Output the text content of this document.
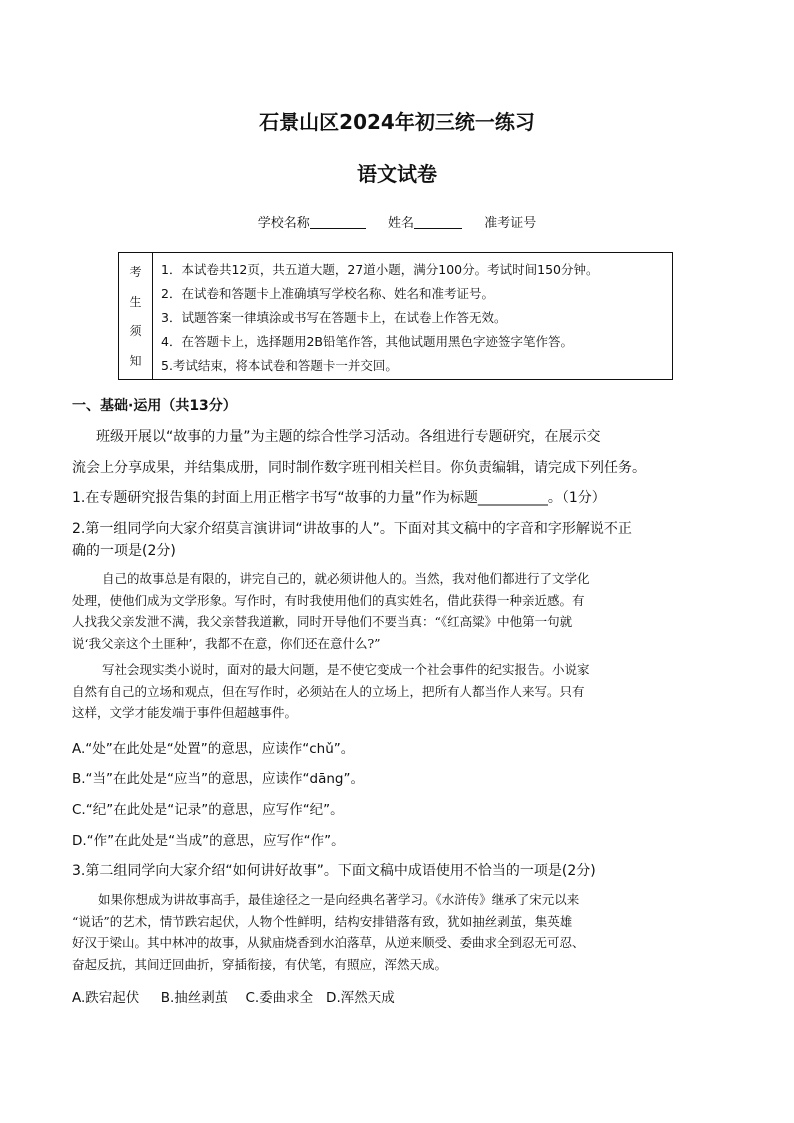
石景山区2024年初三统一练习
语文试卷
学校名称	姓名	准考证号
考
生
须
知
1．本试卷共12页，共五道大题，27道小题，满分100分。考试时间150分钟。
2．在试卷和答题卡上准确填写学校名称、姓名和准考证号。
3．试题答案一律填涂或书写在答题卡上，在试卷上作答无效。
4．在答题卡上，选择题用2B铅笔作答，其他试题用黑色字迹签字笔作答。
5.考试结束，将本试卷和答题卡一并交回。
一、基础·运用（共13分）
班级开展以“故事的力量”为主题的综合性学习活动。各组进行专题研究，在展示交
流会上分享成果，并结集成册，同时制作数字班刊相关栏目。你负责编辑，请完成下列任务。
1.在专题研究报告集的封面上用正楷字书写“故事的力量”作为标题__________。（1分）
2.第一组同学向大家介绍莫言演讲词“讲故事的人”。下面对其文稿中的字音和字形解说不正
确的一项是(2分)
自己的故事总是有限的，讲完自己的，就必须讲他人的。当然，我对他们都进行了文学化
处理，使他们成为文学形象。写作时，有时我使用他们的真实姓名，借此获得一种亲近感。有
人找我父亲发泄不满，我父亲替我道歉，同时开导他们不要当真：“《红高粱》中他第一句就
说‘我父亲这个土匪种’，我都不在意，你们还在意什么?”
写社会现实类小说时，面对的最大问题，是不使它变成一个社会事件的纪实报告。小说家
自然有自己的立场和观点，但在写作时，必须站在人的立场上，把所有人都当作人来写。只有
这样，文学才能发端于事件但超越事件。
A.“处”在此处是“处置”的意思，应读作“chǔ”。
B.“当”在此处是“应当”的意思，应读作“dāng”。
C.“纪”在此处是“记录”的意思，应写作“纪”。
D.“作”在此处是“当成”的意思，应写作“作”。
3.第二组同学向大家介绍“如何讲好故事”。下面文稿中成语使用不恰当的一项是(2分)
如果你想成为讲故事高手，最佳途径之一是向经典名著学习。《水浒传》继承了宋元以来
“说话”的艺术，情节跌宕起伏，人物个性鲜明，结构安排错落有致，犹如抽丝剥茧，集英雄
好汉于梁山。其中林冲的故事，从狱庙烧香到水泊落草，从逆来顺受、委曲求全到忍无可忍、
奋起反抗，其间迂回曲折，穿插衔接，有伏笔，有照应，浑然天成。
A.跌宕起伏     B.抽丝剥茧    C.委曲求全   D.浑然天成
